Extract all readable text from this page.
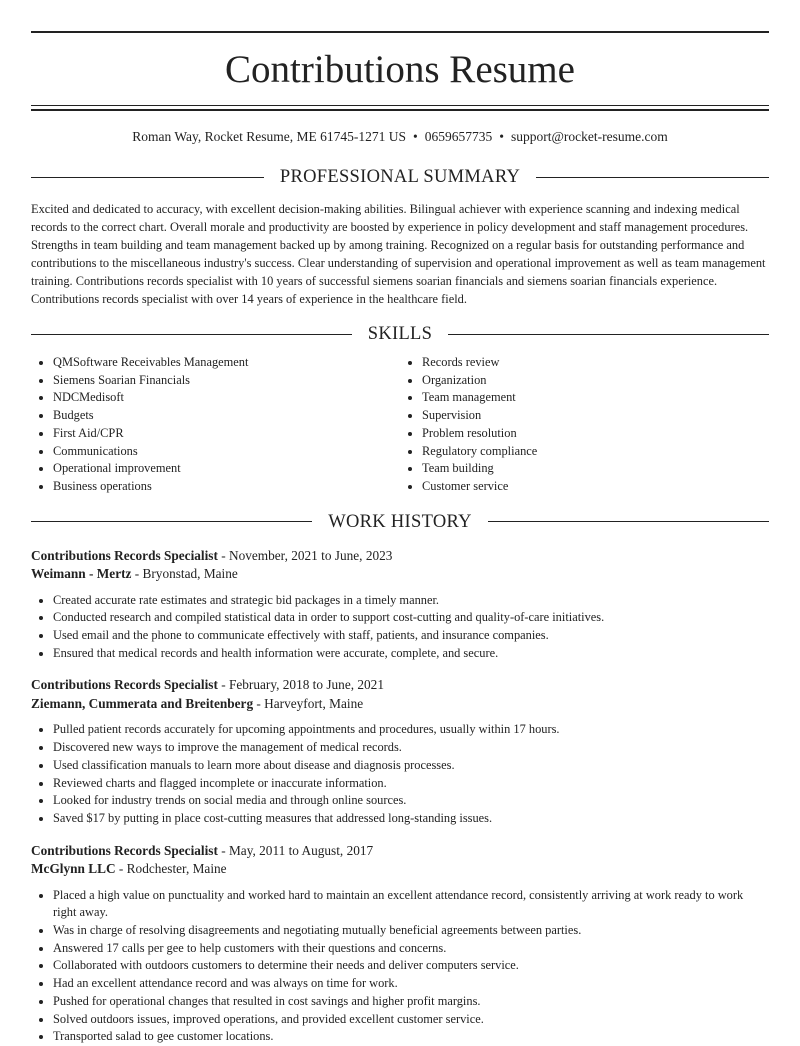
Contributions Resume
Roman Way, Rocket Resume, ME 61745-1271 US • 0659657735 • support@rocket-resume.com
PROFESSIONAL SUMMARY
Excited and dedicated to accuracy, with excellent decision-making abilities. Bilingual achiever with experience scanning and indexing medical records to the correct chart. Overall morale and productivity are boosted by experience in policy development and staff management procedures. Strengths in team building and team management backed up by among training. Recognized on a regular basis for outstanding performance and contributions to the miscellaneous industry's success. Clear understanding of supervision and operational improvement as well as team management training. Contributions records specialist with 10 years of successful siemens soarian financials and siemens soarian financials experience. Contributions records specialist with over 14 years of experience in the healthcare field.
SKILLS
• QMSoftware Receivables Management
• Siemens Soarian Financials
• NDCMedisoft
• Budgets
• First Aid/CPR
• Communications
• Operational improvement
• Business operations
• Records review
• Organization
• Team management
• Supervision
• Problem resolution
• Regulatory compliance
• Team building
• Customer service
WORK HISTORY
Contributions Records Specialist - November, 2021 to June, 2023
Weimann - Mertz - Bryonstad, Maine
• Created accurate rate estimates and strategic bid packages in a timely manner.
• Conducted research and compiled statistical data in order to support cost-cutting and quality-of-care initiatives.
• Used email and the phone to communicate effectively with staff, patients, and insurance companies.
• Ensured that medical records and health information were accurate, complete, and secure.
Contributions Records Specialist - February, 2018 to June, 2021
Ziemann, Cummerata and Breitenberg - Harveyfort, Maine
• Pulled patient records accurately for upcoming appointments and procedures, usually within 17 hours.
• Discovered new ways to improve the management of medical records.
• Used classification manuals to learn more about disease and diagnosis processes.
• Reviewed charts and flagged incomplete or inaccurate information.
• Looked for industry trends on social media and through online sources.
• Saved $17 by putting in place cost-cutting measures that addressed long-standing issues.
Contributions Records Specialist - May, 2011 to August, 2017
McGlynn LLC - Rodchester, Maine
• Placed a high value on punctuality and worked hard to maintain an excellent attendance record, consistently arriving at work ready to work right away.
• Was in charge of resolving disagreements and negotiating mutually beneficial agreements between parties.
• Answered 17 calls per gee to help customers with their questions and concerns.
• Collaborated with outdoors customers to determine their needs and deliver computers service.
• Had an excellent attendance record and was always on time for work.
• Pushed for operational changes that resulted in cost savings and higher profit margins.
• Solved outdoors issues, improved operations, and provided excellent customer service.
• Transported salad to gee customer locations.
